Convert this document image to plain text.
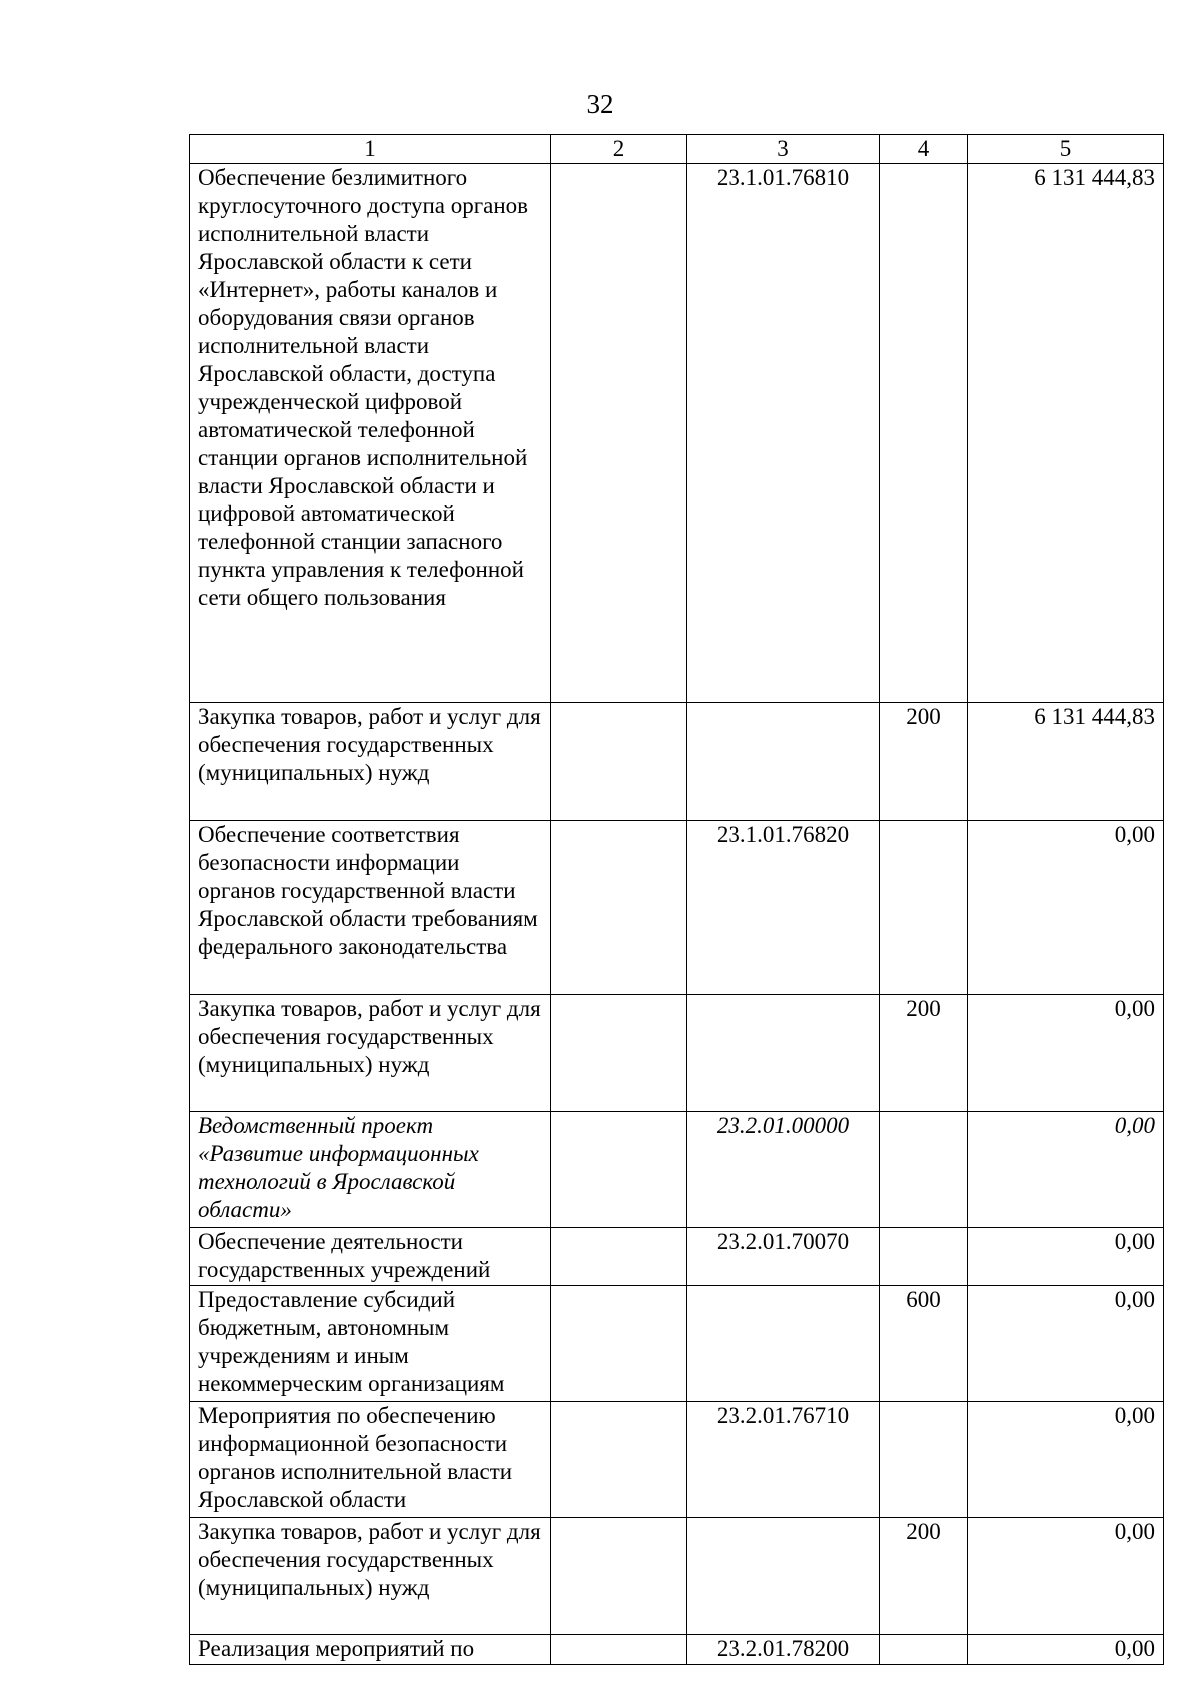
32
1	2	3	4	5
Обеспечение безлимитного круглосуточного доступа органов исполнительной власти Ярославской области к сети «Интернет», работы каналов и оборудования связи органов исполнительной власти Ярославской области, доступа учрежденческой цифровой автоматической телефонной станции органов исполнительной власти Ярославской области и цифровой автоматической телефонной станции запасного пункта управления к телефонной сети общего пользования		23.1.01.76810		6 131 444,83
Закупка товаров, работ и услуг для обеспечения государственных (муниципальных) нужд			200	6 131 444,83
Обеспечение соответствия безопасности информации органов государственной власти Ярославской области требованиям федерального законодательства		23.1.01.76820		0,00
Закупка товаров, работ и услуг для обеспечения государственных (муниципальных) нужд			200	0,00
Ведомственный проект «Развитие информационных технологий в Ярославской области»		23.2.01.00000		0,00
Обеспечение деятельности государственных учреждений		23.2.01.70070		0,00
Предоставление субсидий бюджетным, автономным учреждениям и иным некоммерческим организациям			600	0,00
Мероприятия по обеспечению информационной безопасности органов исполнительной власти Ярославской области		23.2.01.76710		0,00
Закупка товаров, работ и услуг для обеспечения государственных (муниципальных) нужд			200	0,00
Реализация мероприятий по		23.2.01.78200		0,00
